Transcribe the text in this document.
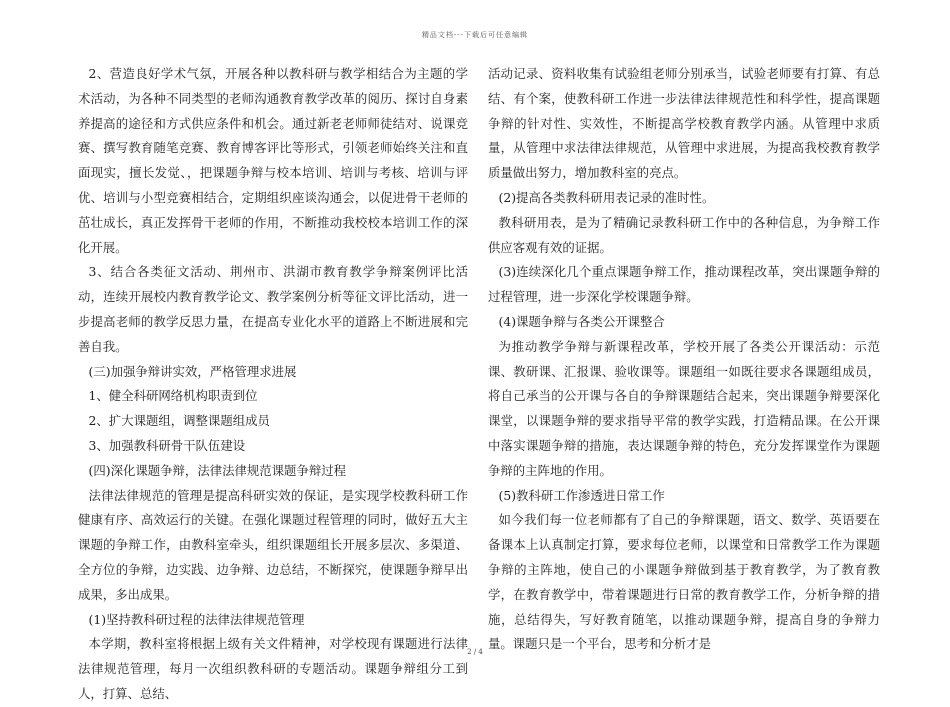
精品文档---下载后可任意编辑

2、营造良好学术气氛，开展各种以教科研与教学相结合为主题的学术活动，为各种不同类型的老师沟通教育教学改革的阅历、探讨自身素养提高的途径和方式供应条件和机会。通过新老老师师徒结对、说课竞赛、撰写教育随笔竞赛、教育博客评比等形式，引领老师始终关注和直面现实，擅长发觉、，把课题争辩与校本培训、培训与考核、培训与评优、培训与小型竞赛相结合，定期组织座谈沟通会，以促进骨干老师的茁壮成长，真正发挥骨干老师的作用，不断推动我校校本培训工作的深化开展。

3、结合各类征文活动、荆州市、洪湖市教育教学争辩案例评比活动，连续开展校内教育教学论文、教学案例分析等征文评比活动，进一步提高老师的教学反思力量，在提高专业化水平的道路上不断进展和完善自我。

(三)加强争辩讲实效，严格管理求进展

1、健全科研网络机构职责到位

2、扩大课题组，调整课题组成员

3、加强教科研骨干队伍建设

(四)深化课题争辩，法律法律规范课题争辩过程

法律法律规范的管理是提高科研实效的保证，是实现学校教科研工作健康有序、高效运行的关键。在强化课题过程管理的同时，做好五大主课题的争辩工作，由教科室牵头，组织课题组长开展多层次、多渠道、全方位的争辩，边实践、边争辩、边总结，不断探究，使课题争辩早出成果，多出成果。

(1)坚持教科研过程的法律法律规范管理

本学期，教科室将根据上级有关文件精神，对学校现有课题进行法律法律规范管理，每月一次组织教科研的专题活动。课题争辩组分工到人，打算、总结、

活动记录、资料收集有试验组老师分别承当，试验老师要有打算、有总结、有个案，使教科研工作进一步法律法律规范性和科学性，提高课题争辩的针对性、实效性，不断提高学校教育教学内涵。从管理中求质量，从管理中求法律法律规范，从管理中求进展，为提高我校教育教学质量做出努力，增加教科室的亮点。

(2)提高各类教科研用表记录的准时性。

教科研用表，是为了精确记录教科研工作中的各种信息，为争辩工作供应客观有效的证据。

(3)连续深化几个重点课题争辩工作，推动课程改革，突出课题争辩的过程管理，进一步深化学校课题争辩。

(4)课题争辩与各类公开课整合

为推动教学争辩与新课程改革，学校开展了各类公开课活动：示范课、教研课、汇报课、验收课等。课题组一如既往要求各课题组成员，将自己承当的公开课与各自的争辩课题结合起来，突出课题争辩要深化课堂，以课题争辩的要求指导平常的教学实践，打造精品课。在公开课中落实课题争辩的措施，表达课题争辩的特色，充分发挥课堂作为课题争辩的主阵地的作用。

(5)教科研工作渗透进日常工作

如今我们每一位老师都有了自己的争辩课题，语文、数学、英语要在备课本上认真制定打算，要求每位老师，以课堂和日常教学工作为课题争辩的主阵地，使自己的小课题争辩做到基于教育教学，为了教育教学，在教育教学中，带着课题进行日常的教育教学工作，分析争辩的措施，总结得失，写好教育随笔，以推动课题争辩，提高自身的争辩力量。课题只是一个平台，思考和分析才是

2 / 4
